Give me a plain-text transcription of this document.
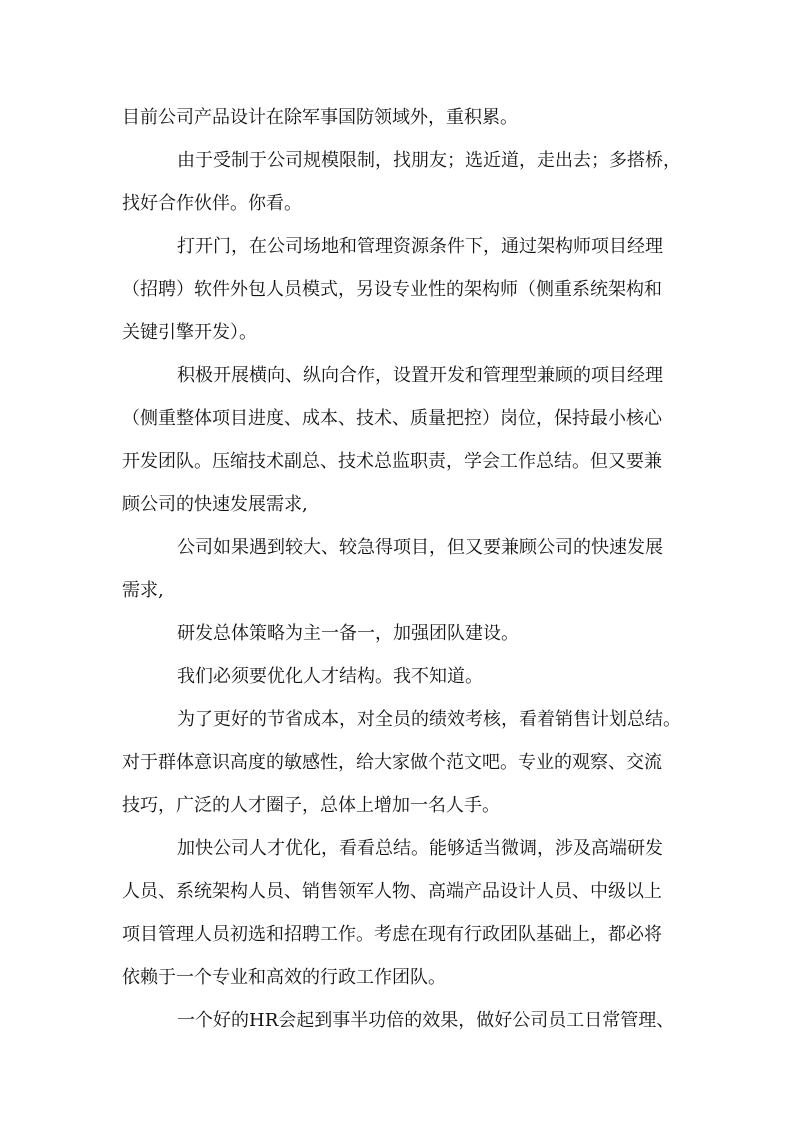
目前公司产品设计在除军事国防领域外，重积累。

由于受制于公司规模限制，找朋友；选近道，走出去；多搭桥，

找好合作伙伴。你看。

打开门，在公司场地和管理资源条件下，通过架构师项目经理

（招聘）软件外包人员模式，另设专业性的架构师（侧重系统架构和

关键引擎开发）。

积极开展横向、纵向合作，设置开发和管理型兼顾的项目经理

（侧重整体项目进度、成本、技术、质量把控）岗位，保持最小核心

开发团队。压缩技术副总、技术总监职责，学会工作总结。但又要兼

顾公司的快速发展需求,

公司如果遇到较大、较急得项目，但又要兼顾公司的快速发展

需求,

研发总体策略为主一备一，加强团队建设。

我们必须要优化人才结构。我不知道。

为了更好的节省成本，对全员的绩效考核，看着销售计划总结。

对于群体意识高度的敏感性，给大家做个范文吧。专业的观察、交流

技巧，广泛的人才圈子，总体上增加一名人手。

加快公司人才优化，看看总结。能够适当微调，涉及高端研发

人员、系统架构人员、销售领军人物、高端产品设计人员、中级以上

项目管理人员初选和招聘工作。考虑在现有行政团队基础上，都必将

依赖于一个专业和高效的行政工作团队。

一个好的HR会起到事半功倍的效果，做好公司员工日常管理、
